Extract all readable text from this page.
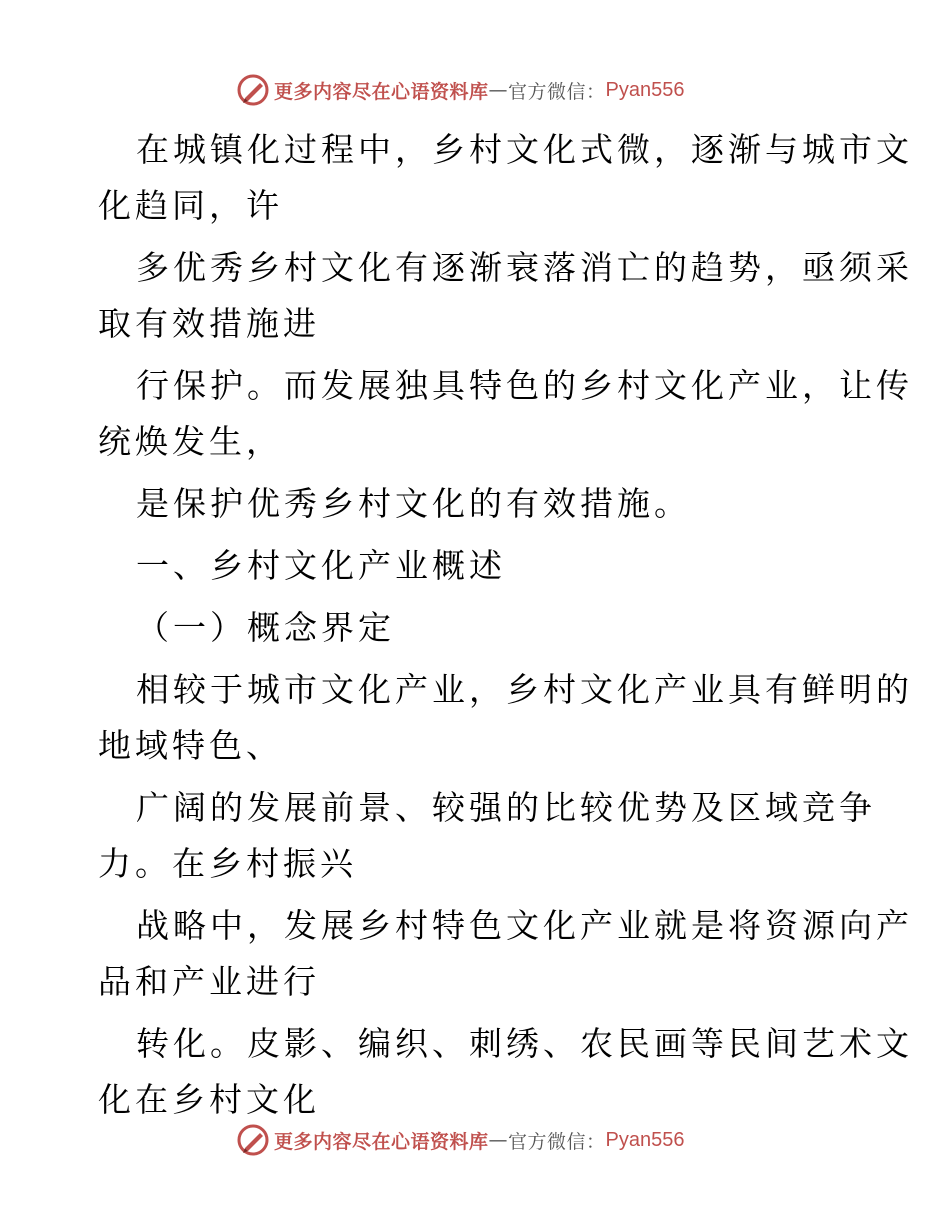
更多内容尽在心语资料库 — 官方微信： Pyan556

在城镇化过程中，乡村文化式微，逐渐与城市文
化趋同，许

多优秀乡村文化有逐渐衰落消亡的趋势，亟须采
取有效措施进

行保护。而发展独具特色的乡村文化产业，让传
统焕发生，

是保护优秀乡村文化的有效措施。

一、乡村文化产业概述

（一）概念界定

相较于城市文化产业，乡村文化产业具有鲜明的
地域特色、

广阔的发展前景、较强的比较优势及区域竞争
力。在乡村振兴

战略中，发展乡村特色文化产业就是将资源向产
品和产业进行

转化。皮影、编织、刺绣、农民画等民间艺术文
化在乡村文化

更多内容尽在心语资料库 — 官方微信： Pyan556
